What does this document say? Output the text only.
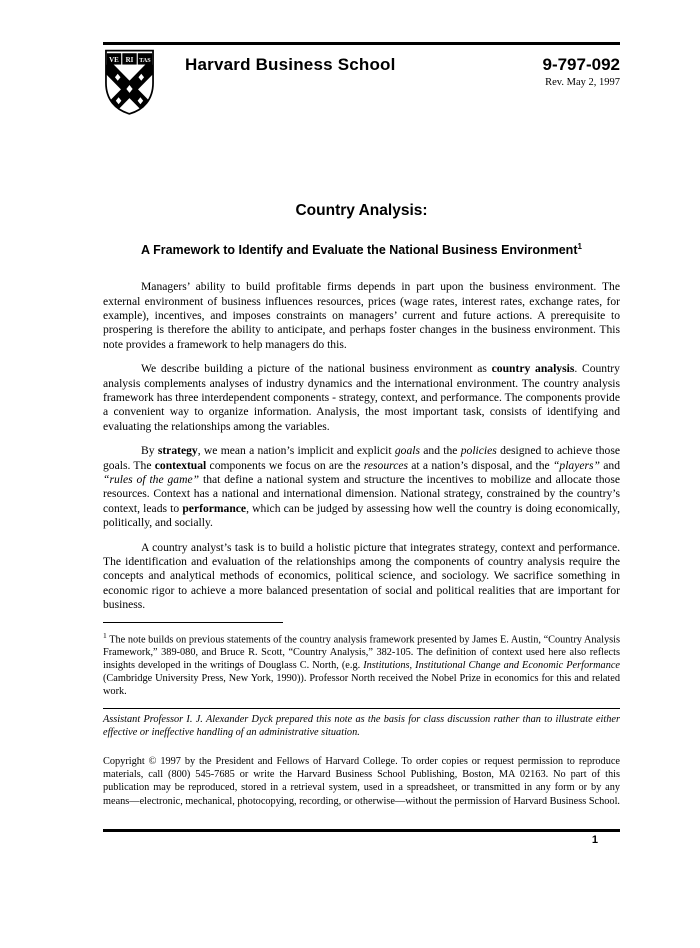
VE RI TAS Harvard Business School	9-797-092
Rev. May 2, 1997
Country Analysis:
A Framework to Identify and Evaluate the National Business Environment$^1$

Managers’ ability to build profitable firms depends in part upon the business environment. The external environment of business influences resources, prices (wage rates, interest rates, exchange rates, for example), incentives, and imposes constraints on managers’ current and future actions. A prerequisite to prospering is therefore the ability to anticipate, and perhaps foster changes in the business environment. This note provides a framework to help managers do this.

We describe building a picture of the national business environment as country analysis. Country analysis complements analyses of industry dynamics and the international environment. The country analysis framework has three interdependent components - strategy, context, and performance. The components provide a convenient way to organize information. Analysis, the most important task, consists of identifying and evaluating the relationships among the variables.

By strategy, we mean a nation’s implicit and explicit goals and the policies designed to achieve those goals. The contextual components we focus on are the resources at a nation’s disposal, and the “players” and “rules of the game” that define a national system and structure the incentives to mobilize and allocate those resources. Context has a national and international dimension. National strategy, constrained by the country’s context, leads to performance, which can be judged by assessing how well the country is doing economically, politically, and socially.

A country analyst’s task is to build a holistic picture that integrates strategy, context and performance. The identification and evaluation of the relationships among the components of country analysis require the concepts and analytical methods of economics, political science, and sociology. We sacrifice something in economic rigor to achieve a more balanced presentation of social and political realities that are important for business.

$^1$ The note builds on previous statements of the country analysis framework presented by James E. Austin, “Country Analysis Framework,” 389-080, and Bruce R. Scott, “Country Analysis,” 382-105. The definition of context used here also reflects insights developed in the writings of Douglass C. North, (e.g. Institutions, Institutional Change and Economic Performance (Cambridge University Press, New York, 1990)). Professor North received the Nobel Prize in economics for this and related work.

Assistant Professor I. J. Alexander Dyck prepared this note as the basis for class discussion rather than to illustrate either effective or ineffective handling of an administrative situation.

Copyright © 1997 by the President and Fellows of Harvard College. To order copies or request permission to reproduce materials, call (800) 545-7685 or write the Harvard Business School Publishing, Boston, MA 02163. No part of this publication may be reproduced, stored in a retrieval system, used in a spreadsheet, or transmitted in any form or by any means—electronic, mechanical, photocopying, recording, or otherwise—without the permission of Harvard Business School.

1
